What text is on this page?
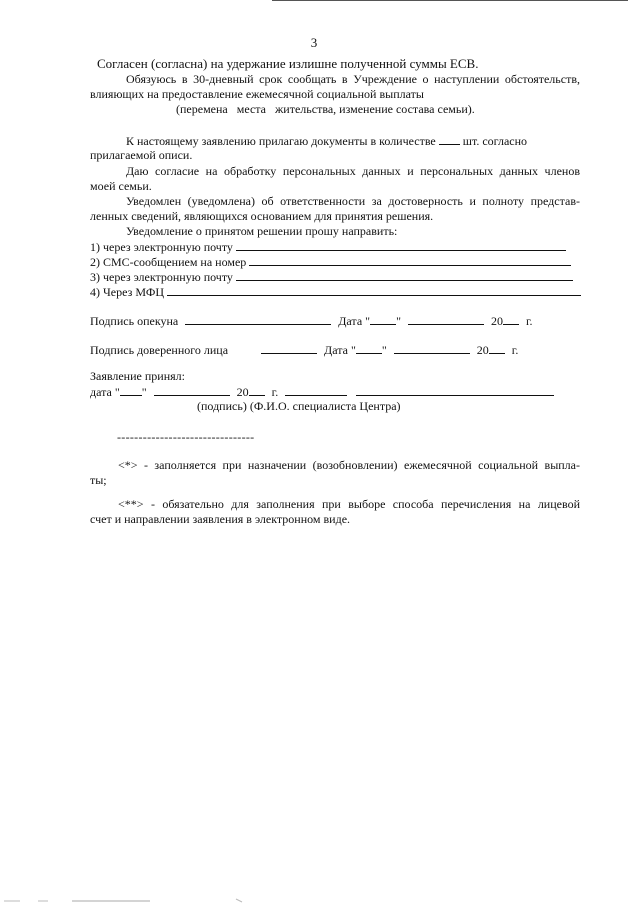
3
Согласен (согласна) на удержание излишне полученной суммы ЕСВ.
Обязуюсь в 30-дневный срок сообщать в Учреждение о наступлении обстоятельств,
влияющих на предоставление ежемесячной социальной выплаты
(перемена   места   жительства, изменение состава семьи).
К настоящему заявлению прилагаю документы в количестве шт. согласно
прилагаемой описи.
Даю согласие на обработку персональных данных и персональных данных членов
моей семьи.
Уведомлен (уведомлена) об ответственности за достоверность и полноту представ-
ленных сведений, являющихся основанием для принятия решения.
Уведомление о принятом решении прошу направить:
1) через электронную почту
2) СМС-сообщением на номер
3) через электронную почту
4) Через МФЦ
Подпись опекуна	Дата " "	20 г.
Подпись доверенного лица	Дата " "	20 г.
Заявление принял:
дата " "	20 г.
(подпись) (Ф.И.О. специалиста Центра)
--------------------------------
<*> - заполняется при назначении (возобновлении) ежемесячной социальной выпла-
ты;
<**> - обязательно для заполнения при выборе способа перечисления на лицевой
счет и направлении заявления в электронном виде.
